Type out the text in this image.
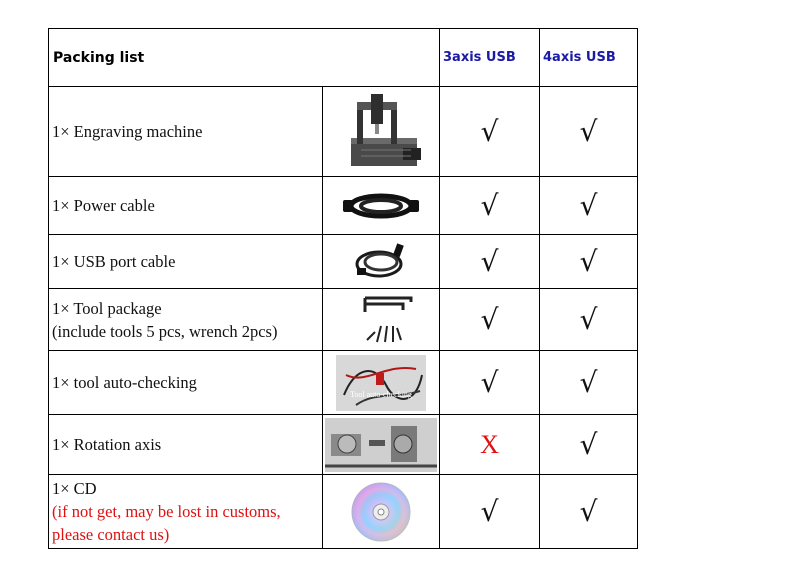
Packing list		3axis USB	4axis USB
1× Engraving machine		√	√
1× Power cable		√	√
1× USB port cable		√	√

1× Tool package
(include tools 5 pcs, wrench 2pcs)		√	√
1× tool auto-checking	Tool auto-checking	√	√
1× Rotation axis		X	√

1× CD
(if not get, may be lost in customs,
please contact us)		√	√
